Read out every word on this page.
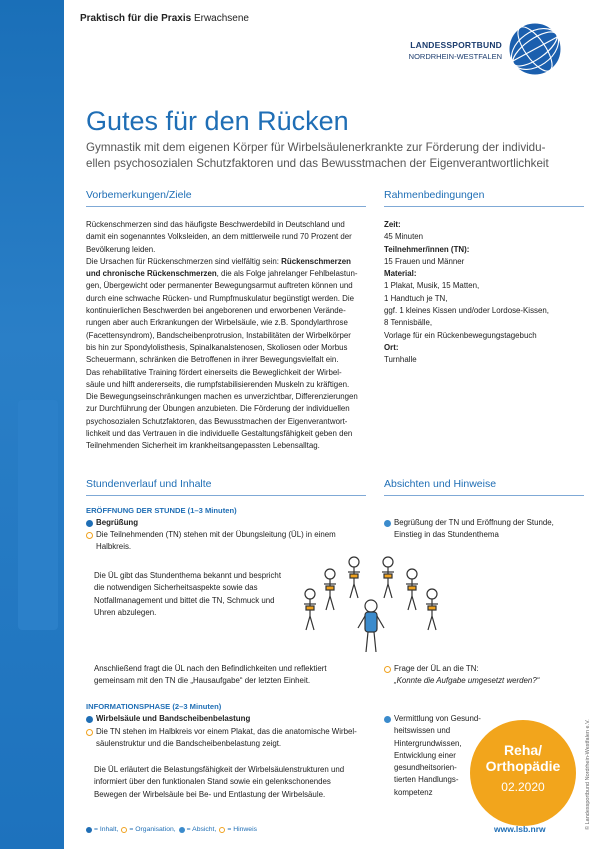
Praktisch für die Praxis Erwachsene
LANDESSPORTBUND
NORDRHEIN-WESTFALEN
Gutes für den Rücken
Gymnastik mit dem eigenen Körper für Wirbelsäulenerkrankte zur Förderung der individu-
ellen psychosozialen Schutzfaktoren und das Bewusstmachen der Eigenverantwortlichkeit
Vorbemerkungen/Ziele	Rahmenbedingungen

Rückenschmerzen sind das häufigste Beschwerdebild in Deutschland und

damit ein sogenanntes Volksleiden, an dem mittlerweile rund 70 Prozent der

Bevölkerung leiden.

Die Ursachen für Rückenschmerzen sind vielfältig sein: Rückenschmerzen

und chronische Rückenschmerzen, die als Folge jahrelanger Fehlbelastun-

gen, Übergewicht oder permanenter Bewegungsarmut auftreten können und

durch eine schwache Rücken- und Rumpfmuskulatur begünstigt werden. Die

kontinuierlichen Beschwerden bei angeborenen und erworbenen Verände-

rungen aber auch Erkrankungen der Wirbelsäule, wie z.B. Spondylarthrose

(Facettensyndrom), Bandscheibenprotrusion, Instabilitäten der Wirbelkörper

bis hin zur Spondylolisthesis, Spinalkanalstenosen, Skoliosen oder Morbus

Scheuermann, schränken die Betroffenen in ihrer Bewegungsvielfalt ein.

Das rehabilitative Training fördert einerseits die Beweglichkeit der Wirbel-

säule und hilft andererseits, die rumpfstabilisierenden Muskeln zu kräftigen.

Die Bewegungseinschränkungen machen es unverzichtbar, Differenzierungen

zur Durchführung der Übungen anzubieten. Die Förderung der individuellen

psychosozialen Schutzfaktoren, das Bewusstmachen der Eigenverantwort-

lichkeit und das Vertrauen in die individuelle Gestaltungsfähigkeit geben den

Teilnehmenden Sicherheit im krankheitsangepassten Lebensalltag.

Zeit:
45 Minuten
Teilnehmer/innen (TN):
15 Frauen und Männer
Material:
1 Plakat, Musik, 15 Matten,
1 Handtuch je TN,
ggf. 1 kleines Kissen und/oder Lordose-Kissen,
8 Tennisbälle,
Vorlage für ein Rückenbewegungstagebuch
Ort:
Turnhalle
Stundenverlauf und Inhalte	Absichten und Hinweise
ERÖFFNUNG DER STUNDE (1–3 Minuten)
Begrüßung
Die Teilnehmenden (TN) stehen mit der Übungsleitung (ÜL) in einem
Halbkreis.

Die ÜL gibt das Stundenthema bekannt und bespricht

die notwendigen Sicherheitsaspekte sowie das

Notfallmanagement und bittet die TN, Schmuck und

Uhren abzulegen.

Anschließend fragt die ÜL nach den Befindlichkeiten und reflektiert

gemeinsam mit den TN die „Hausaufgabe“ der letzten Einheit.

Begrüßung der TN und Eröffnung der Stunde,
Einstieg in das Stundenthema
Frage der ÜL an die TN:
„Konnte die Aufgabe umgesetzt werden?“
INFORMATIONSPHASE (2–3 Minuten)
Wirbelsäule und Bandscheibenbelastung
Die TN stehen im Halbkreis vor einem Plakat, das die anatomische Wirbel-
säulenstruktur und die Bandscheibenbelastung zeigt.

Die ÜL erläutert die Belastungsfähigkeit der Wirbelsäulenstrukturen und

informiert über den funktionalen Stand sowie ein gelenkschonendes

Bewegen der Wirbelsäule bei Be- und Entlastung der Wirbelsäule.

Vermittlung von Gesund-
heitswissen und
Hintergrundwissen,
Entwicklung einer
gesundheitsorien-
tierten Handlungs-
kompetenz
Reha/
Orthopädie
02.2020
= Inhalt, = Organisation, = Absicht, = Hinweis	www.lsb.nrw	© Landessportbund Nordrhein-Westfalen e.V.
